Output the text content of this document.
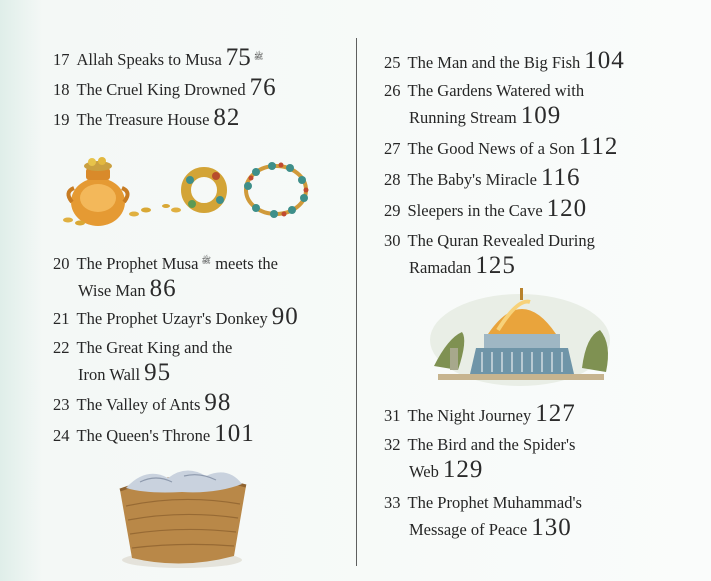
17 Allah Speaks to Musa	$^ﷺ$75
18 The Cruel King Drowned 76
19 The Treasure House 82
20 The Prophet Musa $^ﷺ$ meets the
Wise Man 86
21 The Prophet Uzayr's Donkey 90
22 The Great King and the
Iron Wall 95
23 The Valley of Ants 98
24 The Queen's Throne 101
25 The Man and the Big Fish 104
26 The Gardens Watered with
Running Stream 109
27 The Good News of a Son 112
28 The Baby's Miracle 116
29 Sleepers in the Cave 120
30 The Quran Revealed During
Ramadan 125
31 The Night Journey 127
32 The Bird and the Spider's
Web 129
33 The Prophet Muhammad's
Message of Peace 130
